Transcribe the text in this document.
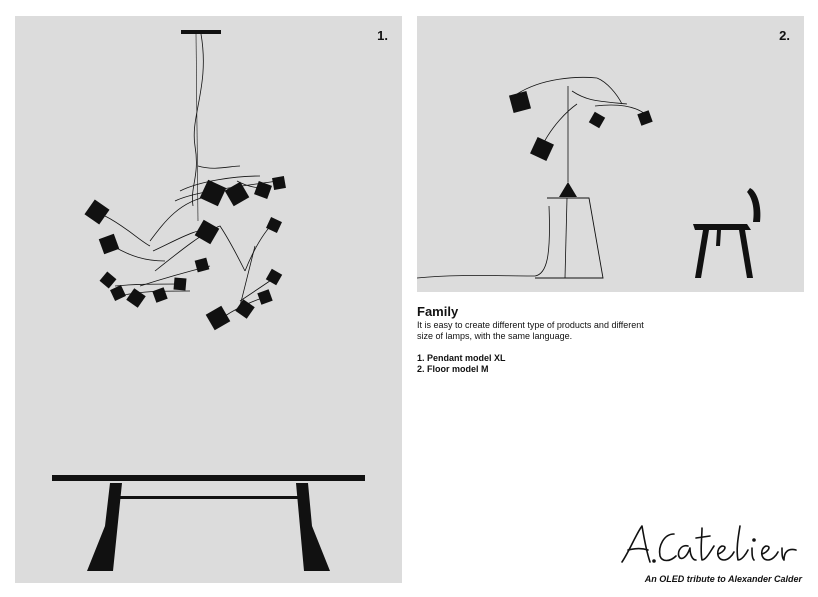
1.	2.
Family

It is easy to create different type of products and different size of lamps, with the same language.

1. Pendant model XL
2. Floor model M
An OLED tribute to Alexander Calder
